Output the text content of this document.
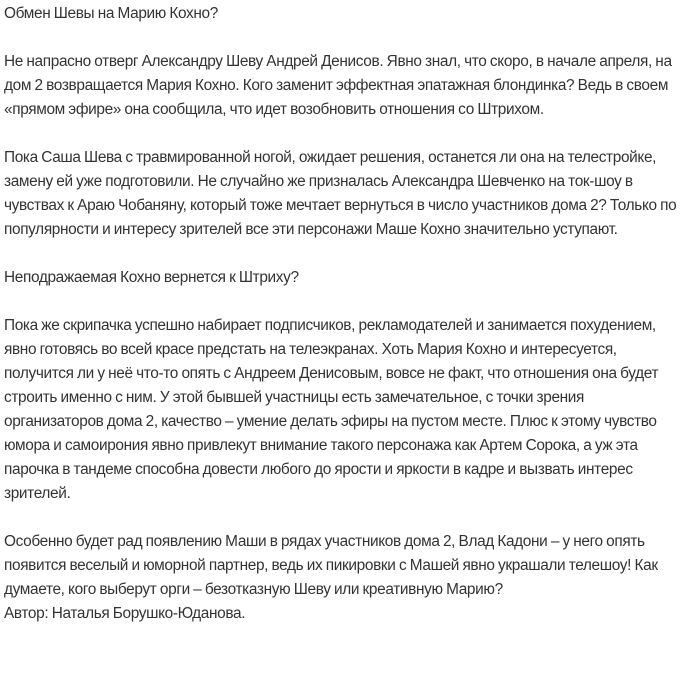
Обмен Шевы на Марию Кохно?

Не напрасно отверг Александру Шеву Андрей Денисов. Явно знал, что скоро, в начале апреля, на дом 2 возвращается Мария Кохно. Кого заменит эффектная эпатажная блондинка? Ведь в своем «прямом эфире» она сообщила, что идет возобновить отношения со Штрихом.

Пока Саша Шева с травмированной ногой, ожидает решения, останется ли она на телестройке, замену ей уже подготовили. Не случайно же призналась Александра Шевченко на ток-шоу в чувствах к Араю Чобаняну, который тоже мечтает вернуться в число участников дома 2? Только по популярности и интересу зрителей все эти персонажи Маше Кохно значительно уступают.

Неподражаемая Кохно вернется к Штриху?

Пока же скрипачка успешно набирает подписчиков, рекламодателей и занимается похудением, явно готовясь во всей красе предстать на телеэкранах. Хоть Мария Кохно и интересуется, получится ли у неё что-то опять с Андреем Денисовым, вовсе не факт, что отношения она будет строить именно с ним. У этой бывшей участницы есть замечательное, с точки зрения организаторов дома 2, качество – умение делать эфиры на пустом месте. Плюс к этому чувство юмора и самоирония явно привлекут внимание такого персонажа как Артем Сорока, а уж эта парочка в тандеме способна довести любого до ярости и яркости в кадре и вызвать интерес зрителей.

Особенно будет рад появлению Маши в рядах участников дома 2, Влад Кадони – у него опять появится веселый и юморной партнер, ведь их пикировки с Машей явно украшали телешоу! Как думаете, кого выберут орги – безотказную Шеву или креативную Марию?

Автор: Наталья Борушко-Юданова.
